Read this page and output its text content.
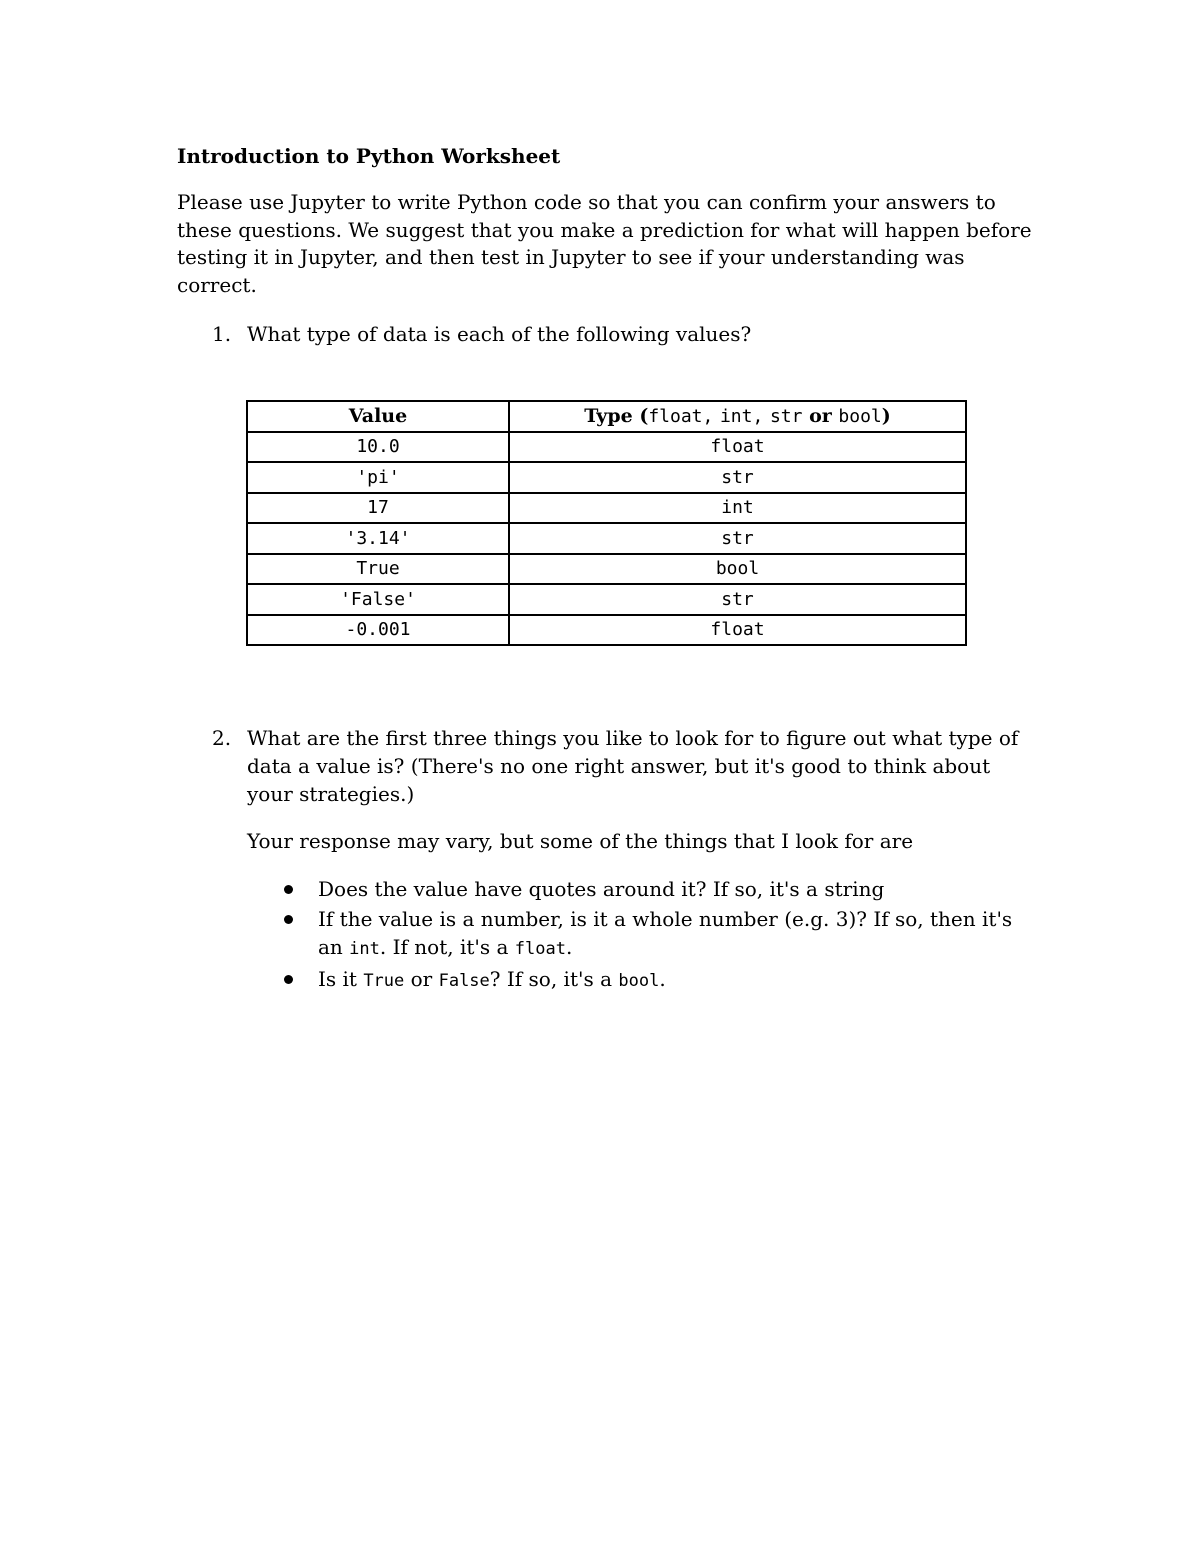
Introduction to Python Worksheet
Please use Jupyter to write Python code so that you can confirm your answers to these questions. We suggest that you make a prediction for what will happen before testing it in Jupyter, and then test in Jupyter to see if your understanding was correct.
1. What type of data is each of the following values?
Value	Type (float, int, str or bool)
10.0	float
'pi'	str
17	int
'3.14'	str
True	bool
'False'	str
-0.001	float
2. What are the first three things you like to look for to figure out what type of data a value is? (There's no one right answer, but it's good to think about your strategies.)
Your response may vary, but some of the things that I look for are
Does the value have quotes around it? If so, it's a string
If the value is a number, is it a whole number (e.g. 3)? If so, then it's an int. If not, it's a float.
Is it True or False? If so, it's a bool.
